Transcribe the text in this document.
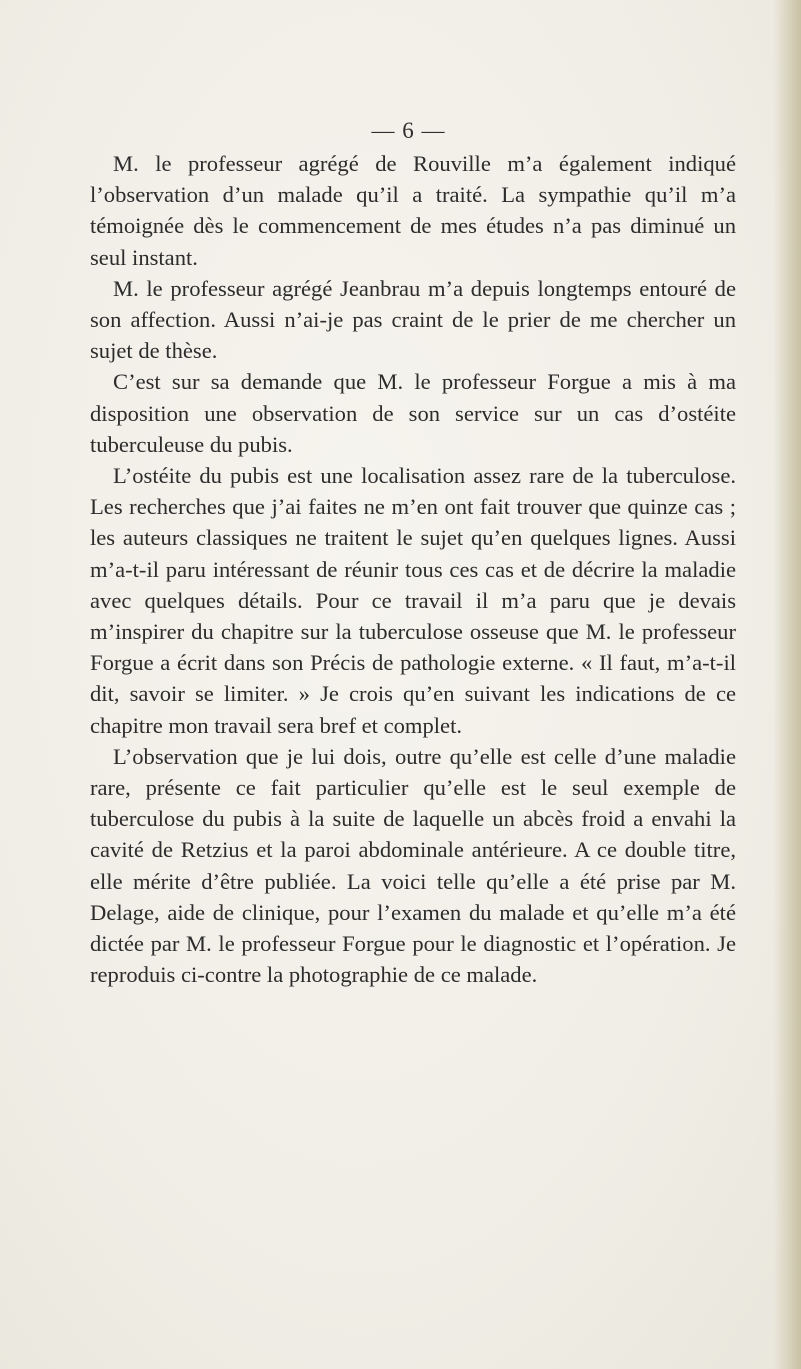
— 6 —

M. le professeur agrégé de Rouville m’a également indiqué l’observation d’un malade qu’il a traité. La sympathie qu’il m’a témoignée dès le commencement de mes études n’a pas diminué un seul instant.

M. le professeur agrégé Jeanbrau m’a depuis longtemps entouré de son affection. Aussi n’ai-je pas craint de le prier de me chercher un sujet de thèse.

C’est sur sa demande que M. le professeur Forgue a mis à ma disposition une observation de son service sur un cas d’ostéite tuberculeuse du pubis.

L’ostéite du pubis est une localisation assez rare de la tuberculose. Les recherches que j’ai faites ne m’en ont fait trouver que quinze cas ; les auteurs classiques ne traitent le sujet qu’en quelques lignes. Aussi m’a-t-il paru intéressant de réunir tous ces cas et de décrire la maladie avec quelques détails. Pour ce travail il m’a paru que je devais m’inspirer du chapitre sur la tuberculose osseuse que M. le professeur Forgue a écrit dans son Précis de pathologie externe. « Il faut, m’a-t-il dit, savoir se limiter. » Je crois qu’en suivant les indications de ce chapitre mon travail sera bref et complet.

L’observation que je lui dois, outre qu’elle est celle d’une maladie rare, présente ce fait particulier qu’elle est le seul exemple de tuberculose du pubis à la suite de laquelle un abcès froid a envahi la cavité de Retzius et la paroi abdominale antérieure. A ce double titre, elle mérite d’être publiée. La voici telle qu’elle a été prise par M. Delage, aide de clinique, pour l’examen du malade et qu’elle m’a été dictée par M. le professeur Forgue pour le diagnostic et l’opération. Je reproduis ci-contre la photographie de ce malade.
